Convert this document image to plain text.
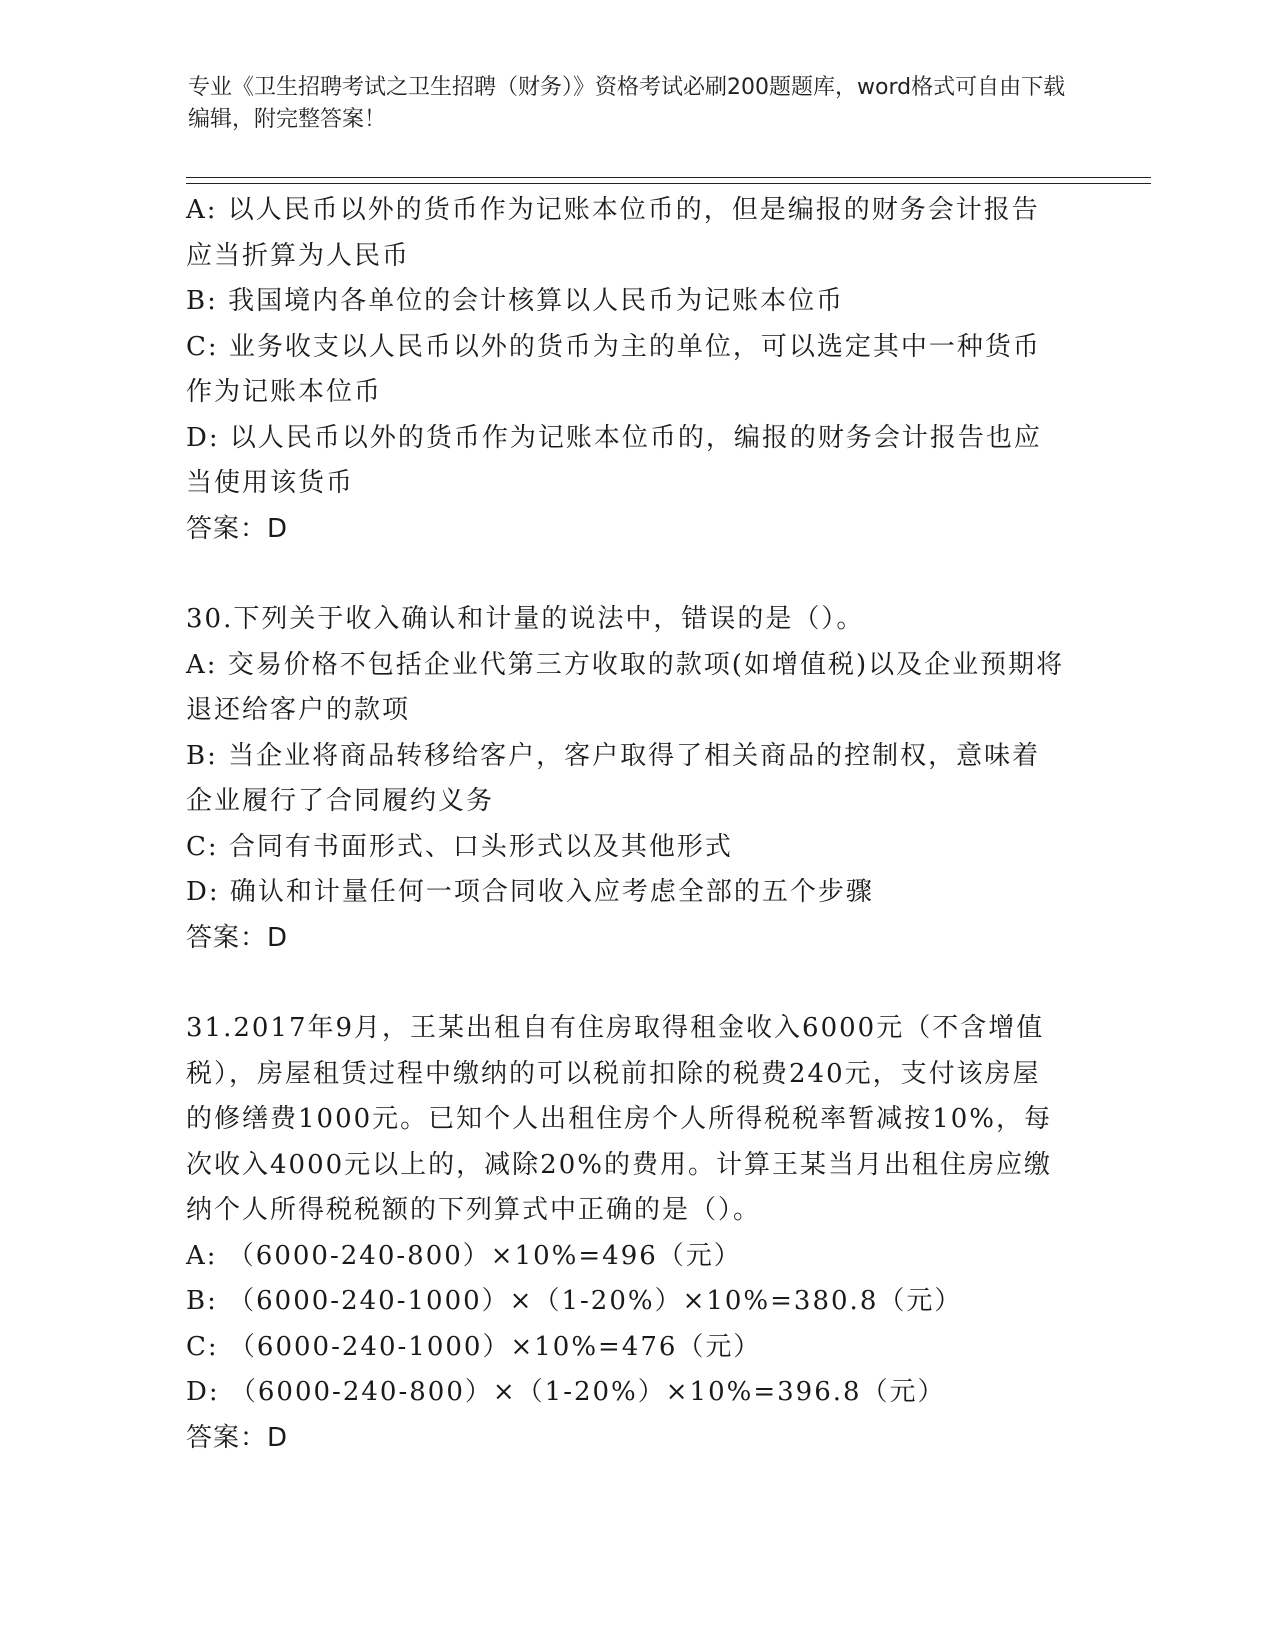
专业《卫生招聘考试之卫生招聘（财务）》资格考试必刷200题题库，word格式可自由下载编辑，附完整答案！

A: 以人民币以外的货币作为记账本位币的，但是编报的财务会计报告应当折算为人民币

B: 我国境内各单位的会计核算以人民币为记账本位币

C: 业务收支以人民币以外的货币为主的单位，可以选定其中一种货币作为记账本位币

D: 以人民币以外的货币作为记账本位币的，编报的财务会计报告也应当使用该货币

答案：D

30.下列关于收入确认和计量的说法中，错误的是（）。

A: 交易价格不包括企业代第三方收取的款项(如增值税)以及企业预期将退还给客户的款项

B: 当企业将商品转移给客户，客户取得了相关商品的控制权，意味着企业履行了合同履约义务

C: 合同有书面形式、口头形式以及其他形式

D: 确认和计量任何一项合同收入应考虑全部的五个步骤

答案：D

31.2017年9月，王某出租自有住房取得租金收入6000元（不含增值税），房屋租赁过程中缴纳的可以税前扣除的税费240元，支付该房屋的修缮费1000元。已知个人出租住房个人所得税税率暂减按10%，每次收入4000元以上的，减除20%的费用。计算王某当月出租住房应缴纳个人所得税税额的下列算式中正确的是（）。

A: （6000-240-800）×10%=496（元）

B: （6000-240-1000）×（1-20%）×10%=380.8（元）

C: （6000-240-1000）×10%=476（元）

D: （6000-240-800）×（1-20%）×10%=396.8（元）

答案：D
